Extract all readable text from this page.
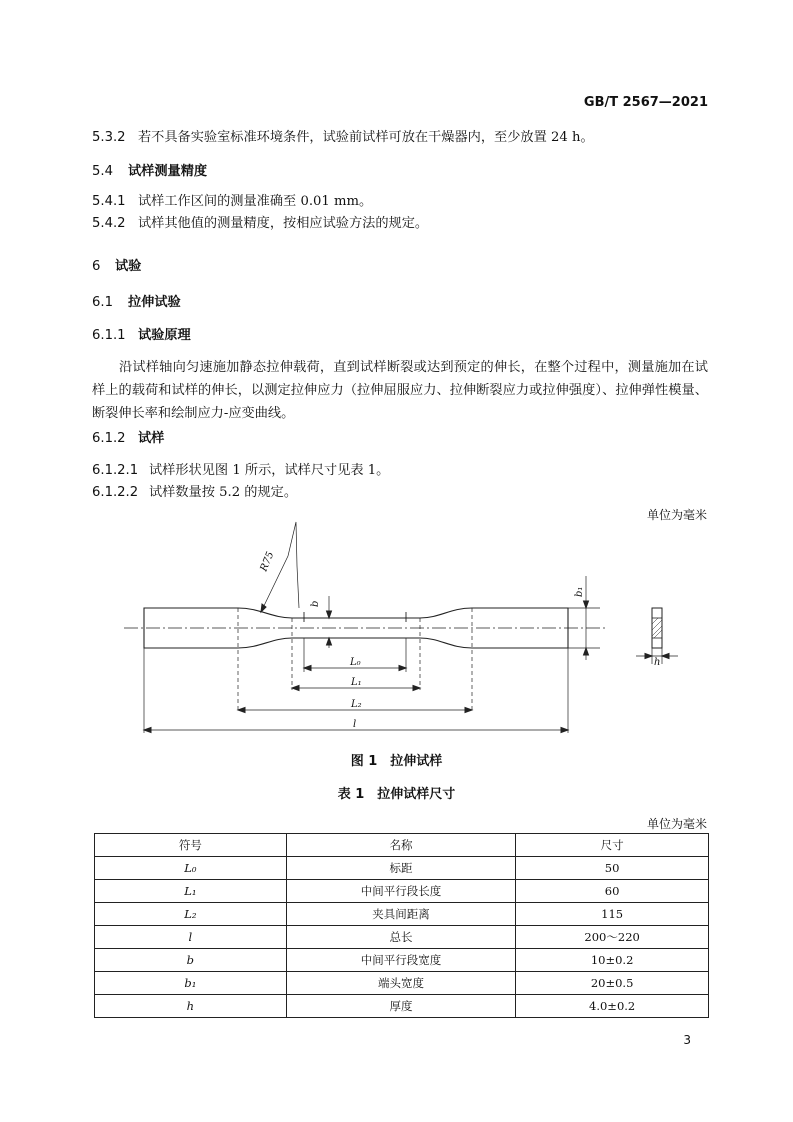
GB/T 2567—2021
5.3.2 若不具备实验室标准环境条件，试验前试样可放在干燥器内，至少放置 24 h。
5.4 试样测量精度
5.4.1 试样工作区间的测量准确至 0.01 mm。
5.4.2 试样其他值的测量精度，按相应试验方法的规定。
6 试验
6.1 拉伸试验
6.1.1 试验原理
沿试样轴向匀速施加静态拉伸载荷，直到试样断裂或达到预定的伸长，在整个过程中，测量施加在试样上的载荷和试样的伸长，以测定拉伸应力（拉伸屈服应力、拉伸断裂应力或拉伸强度）、拉伸弹性模量、断裂伸长率和绘制应力-应变曲线。
6.1.2 试样
6.1.2.1 试样形状见图 1 所示，试样尺寸见表 1。
6.1.2.2 试样数量按 5.2 的规定。
单位为毫米
R75
b
b₁
L₀
L₁
L₂
l
h
图 1　拉伸试样
表 1　拉伸试样尺寸
单位为毫米
符号	名称	尺寸
L₀	标距	50
L₁	中间平行段长度	60
L₂	夹具间距离	115
l	总长	200～220
b	中间平行段宽度	10±0.2
b₁	端头宽度	20±0.5
h	厚度	4.0±0.2
3
